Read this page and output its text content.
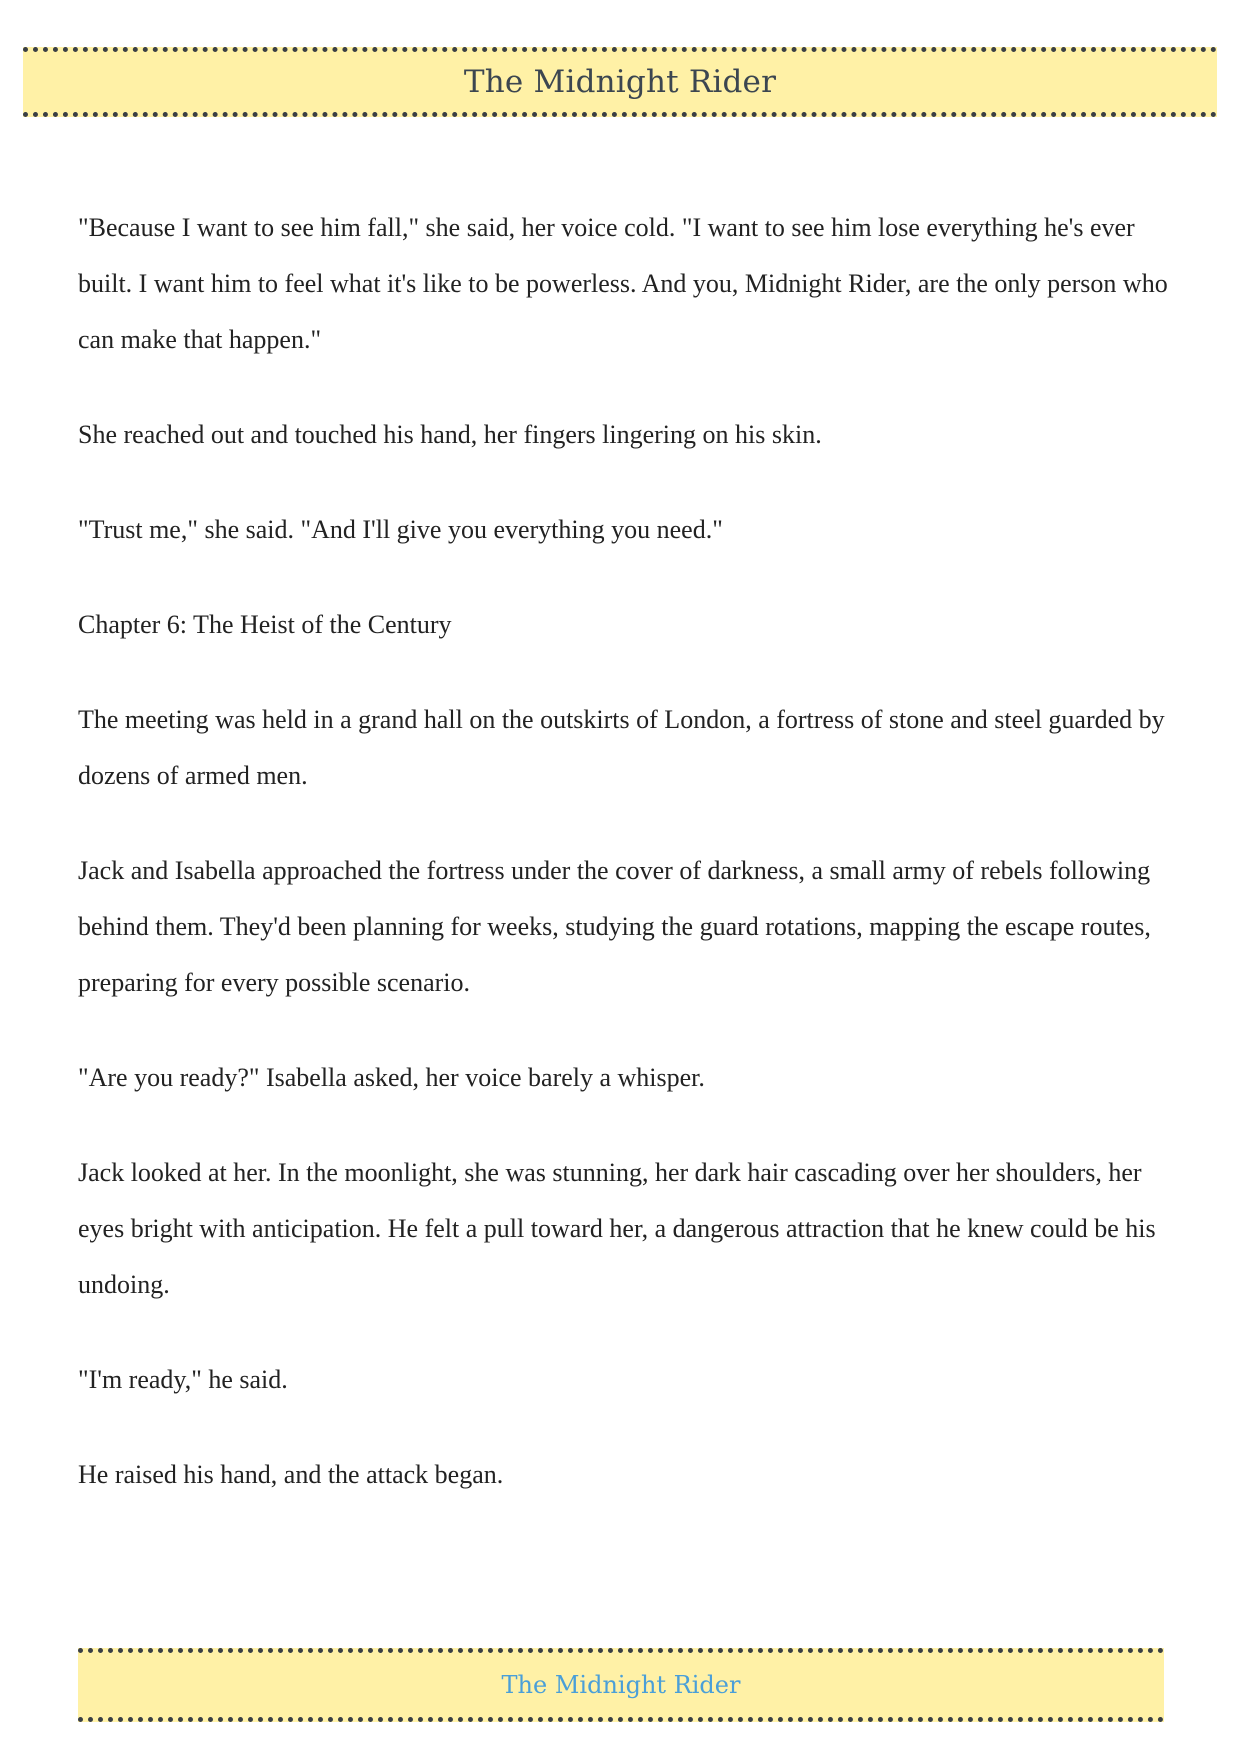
The Midnight Rider

"Because I want to see him fall," she said, her voice cold. "I want to see him lose everything he's ever built. I want him to feel what it's like to be powerless. And you, Midnight Rider, are the only person who can make that happen."

She reached out and touched his hand, her fingers lingering on his skin.

"Trust me," she said. "And I'll give you everything you need."

Chapter 6: The Heist of the Century

The meeting was held in a grand hall on the outskirts of London, a fortress of stone and steel guarded by dozens of armed men.

Jack and Isabella approached the fortress under the cover of darkness, a small army of rebels following behind them. They'd been planning for weeks, studying the guard rotations, mapping the escape routes, preparing for every possible scenario.

"Are you ready?" Isabella asked, her voice barely a whisper.

Jack looked at her. In the moonlight, she was stunning, her dark hair cascading over her shoulders, her eyes bright with anticipation. He felt a pull toward her, a dangerous attraction that he knew could be his undoing.

"I'm ready," he said.

He raised his hand, and the attack began.

The Midnight Rider
